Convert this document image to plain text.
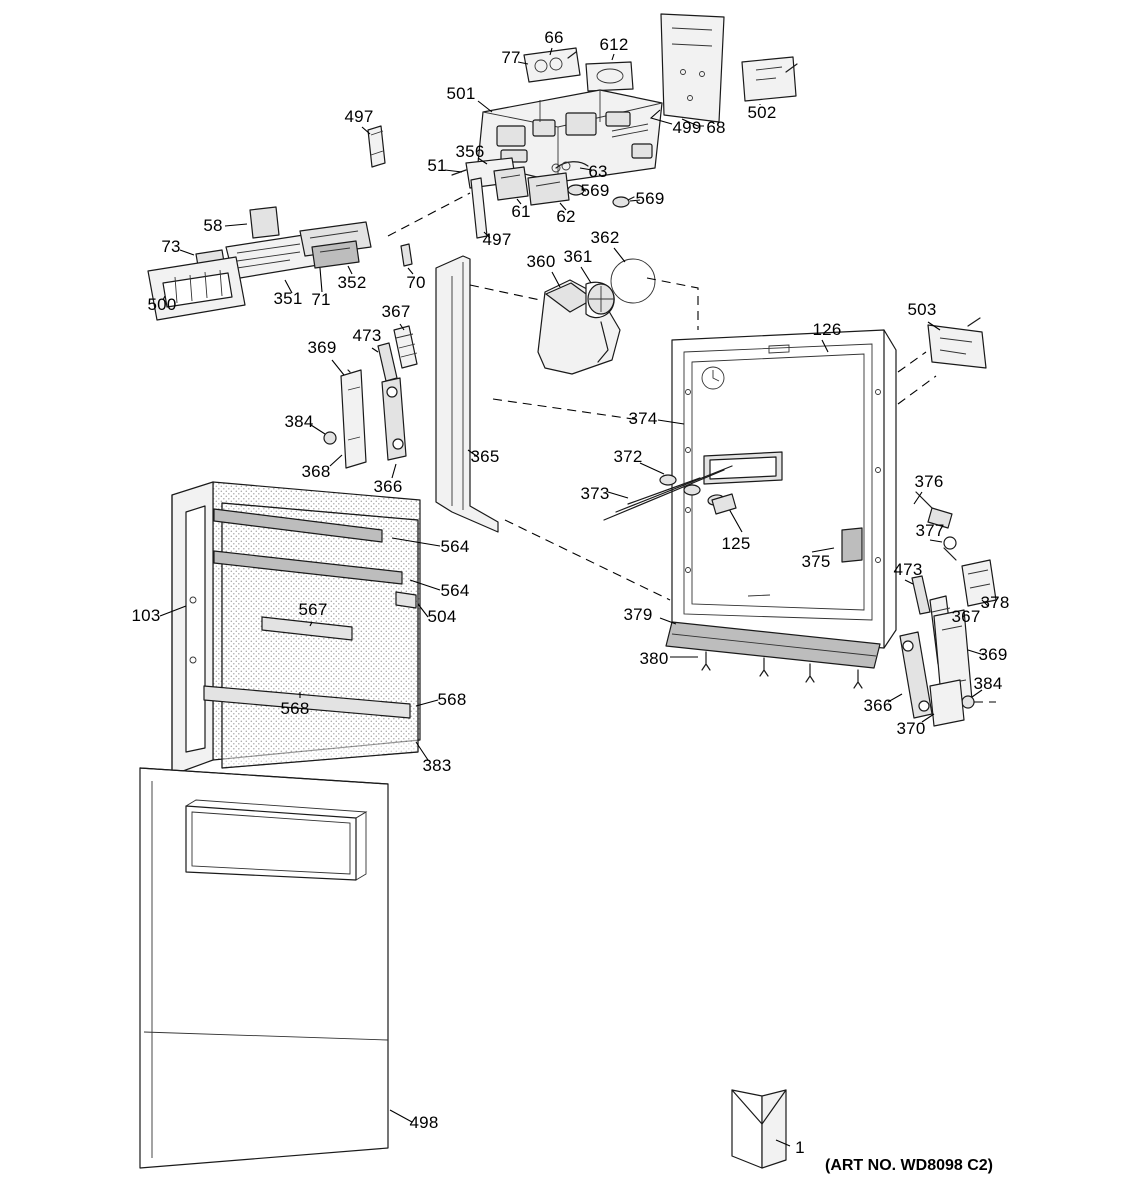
497
77
66 612
501
499 68
502
51
356
63
569 569
61 62
497
58
73
351 71
352
500
70
360 361
362
126
503
374
369
473
367
384
368
366
365	372
373
125
375
376
377
378
473
367
369
384
366
370
379
380
564
564
504
567
103
568	568
383
498
1
(ART NO. WD8098 C2)
